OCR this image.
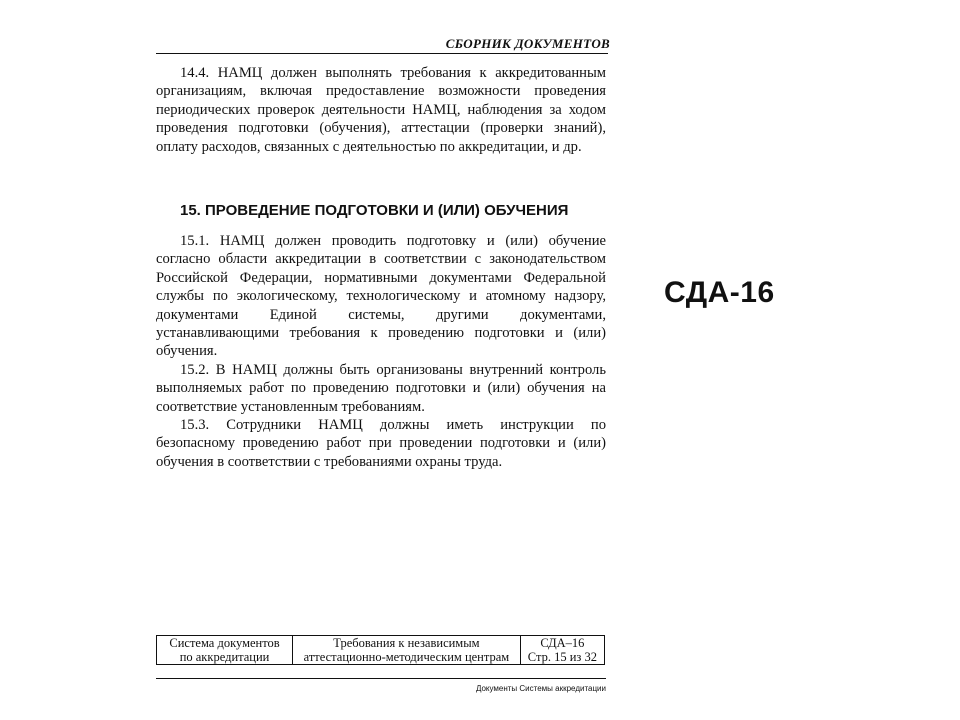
СБОРНИК ДОКУМЕНТОВ

14.4. НАМЦ должен выполнять требования к аккредитованным организациям, включая предоставление возможности проведения периодических проверок деятельности НАМЦ, наблюдения за ходом проведения подготовки (обучения), аттестации (проверки знаний), оплату расходов, связанных с деятельностью по аккредитации, и др.

15. ПРОВЕДЕНИЕ ПОДГОТОВКИ И (ИЛИ) ОБУЧЕНИЯ

15.1. НАМЦ должен проводить подготовку и (или) обучение согласно области аккредитации в соответствии с законодательством Российской Федерации, нормативными документами Федеральной службы по экологическому, технологическому и атомному надзору, документами Единой системы, другими документами, устанавливающими требования к проведению подготовки и (или) обучения.

15.2. В НАМЦ должны быть организованы внутренний контроль выполняемых работ по проведению подготовки и (или) обучения на соответствие установленным требованиям.

15.3. Сотрудники НАМЦ должны иметь инструкции по безопасному проведению работ при проведении подготовки и (или) обучения в соответствии с требованиями охраны труда.

СДА-16
Система документов
по аккредитации

Требования к независимым
аттестационно-методическим центрам

СДА–16
Стр. 15 из 32
Документы Системы аккредитации
